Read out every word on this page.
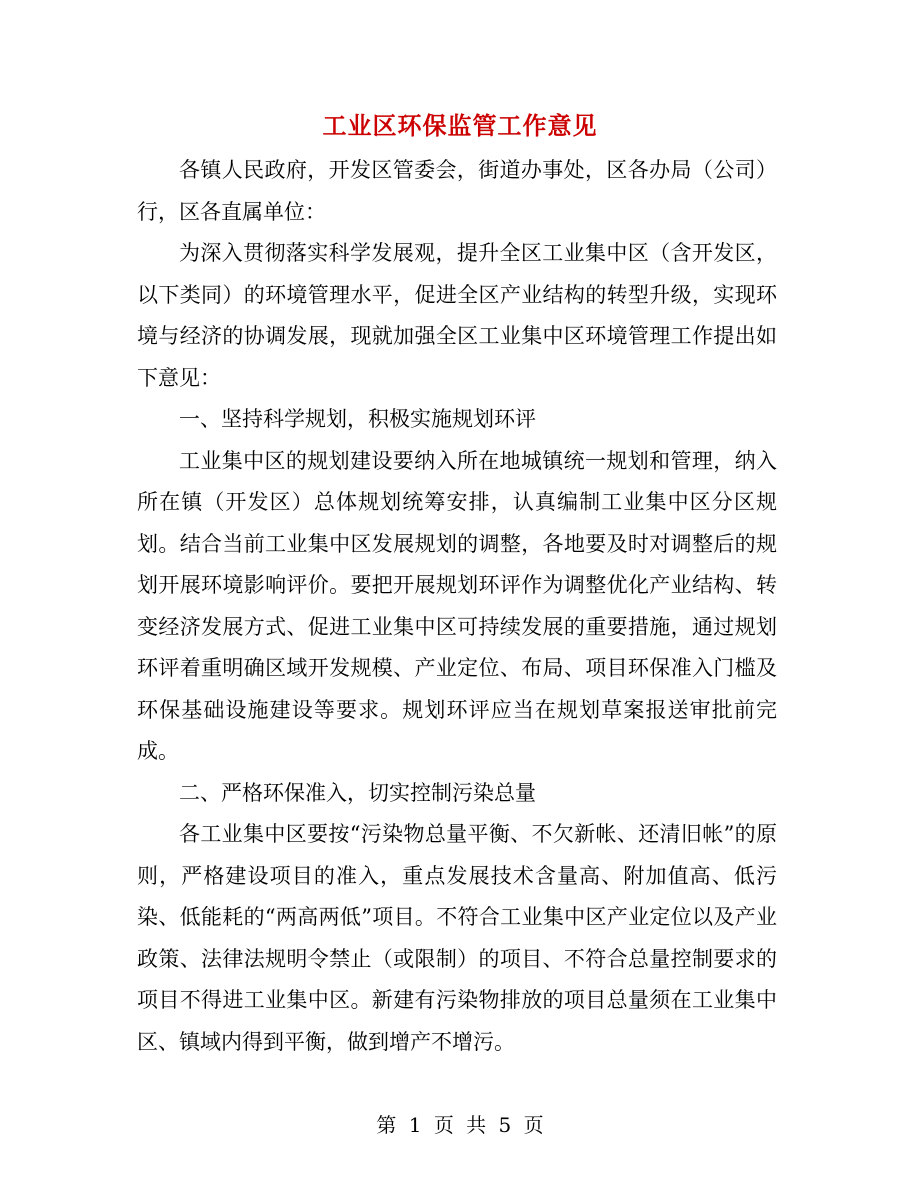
工业区环保监管工作意见

各镇人民政府，开发区管委会，街道办事处，区各办局（公司）行，区各直属单位：

为深入贯彻落实科学发展观，提升全区工业集中区（含开发区，以下类同）的环境管理水平，促进全区产业结构的转型升级，实现环境与经济的协调发展，现就加强全区工业集中区环境管理工作提出如下意见：

一、坚持科学规划，积极实施规划环评

工业集中区的规划建设要纳入所在地城镇统一规划和管理，纳入所在镇（开发区）总体规划统筹安排，认真编制工业集中区分区规划。结合当前工业集中区发展规划的调整，各地要及时对调整后的规划开展环境影响评价。要把开展规划环评作为调整优化产业结构、转变经济发展方式、促进工业集中区可持续发展的重要措施，通过规划环评着重明确区域开发规模、产业定位、布局、项目环保准入门槛及环保基础设施建设等要求。规划环评应当在规划草案报送审批前完成。

二、严格环保准入，切实控制污染总量

各工业集中区要按“污染物总量平衡、不欠新帐、还清旧帐”的原则，严格建设项目的准入，重点发展技术含量高、附加值高、低污染、低能耗的“两高两低”项目。不符合工业集中区产业定位以及产业政策、法律法规明令禁止（或限制）的项目、不符合总量控制要求的项目不得进工业集中区。新建有污染物排放的项目总量须在工业集中区、镇域内得到平衡，做到增产不增污。

第 1 页 共 5 页
